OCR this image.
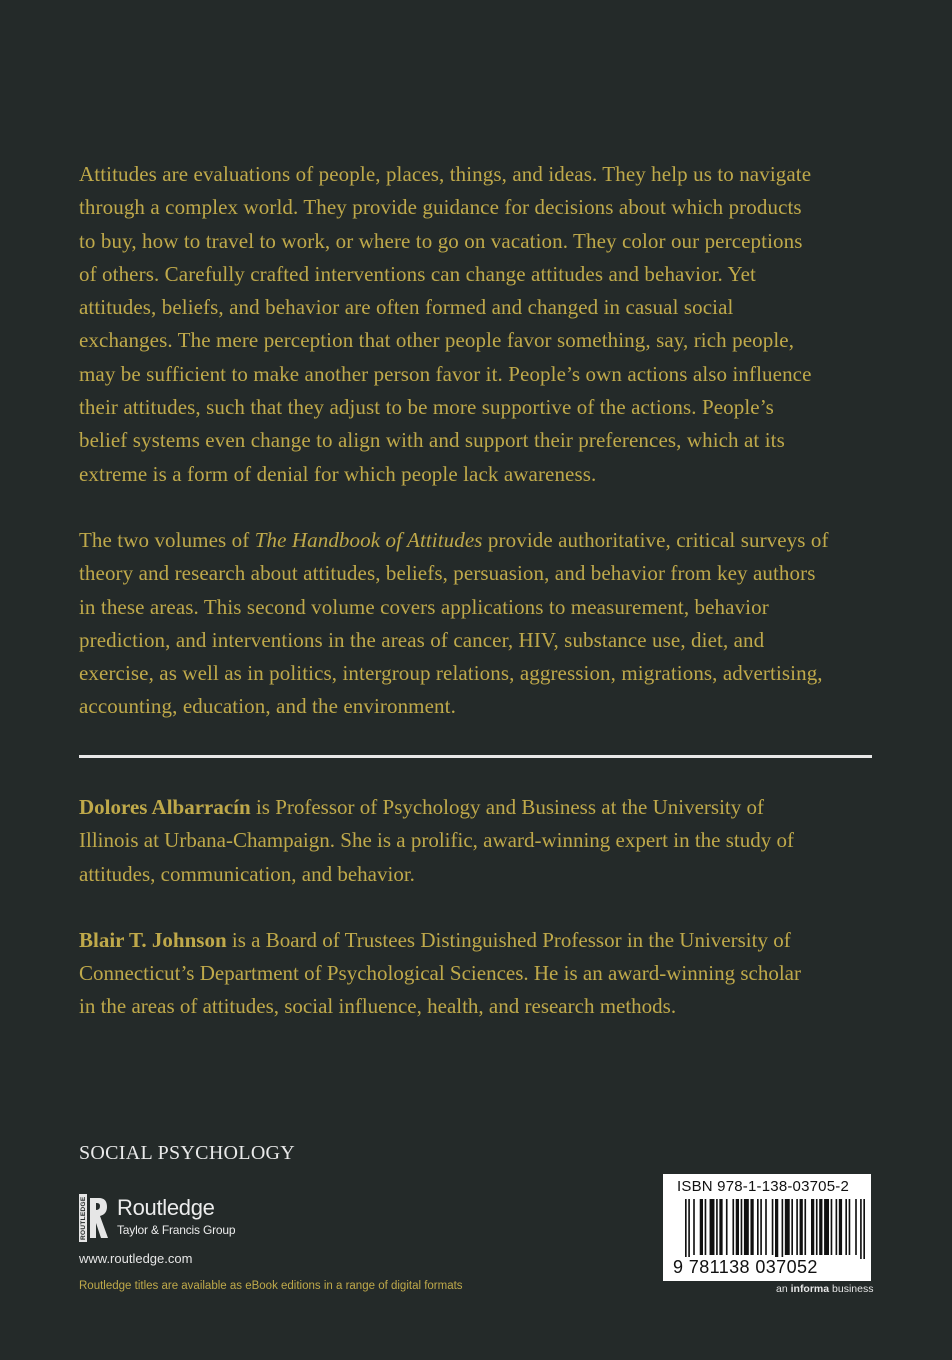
Attitudes are evaluations of people, places, things, and ideas. They help us to navigate

through a complex world. They provide guidance for decisions about which products

to buy, how to travel to work, or where to go on vacation. They color our perceptions

of others. Carefully crafted interventions can change attitudes and behavior. Yet

attitudes, beliefs, and behavior are often formed and changed in casual social

exchanges. The mere perception that other people favor something, say, rich people,

may be sufficient to make another person favor it. People’s own actions also influence

their attitudes, such that they adjust to be more supportive of the actions. People’s

belief systems even change to align with and support their preferences, which at its

extreme is a form of denial for which people lack awareness.

The two volumes of The Handbook of Attitudes provide authoritative, critical surveys of

theory and research about attitudes, beliefs, persuasion, and behavior from key authors

in these areas. This second volume covers applications to measurement, behavior

prediction, and interventions in the areas of cancer, HIV, substance use, diet, and

exercise, as well as in politics, intergroup relations, aggression, migrations, advertising,

accounting, education, and the environment.

Dolores Albarracín is Professor of Psychology and Business at the University of
Illinois at Urbana-Champaign. She is a prolific, award-winning expert in the study of
attitudes, communication, and behavior.
Blair T. Johnson is a Board of Trustees Distinguished Professor in the University of
Connecticut’s Department of Psychological Sciences. He is an award-winning scholar
in the areas of attitudes, social influence, health, and research methods.
SOCIAL PSYCHOLOGY
ROUTLEDGE Routledge
Taylor & Francis Group
www.routledge.com
Routledge titles are available as eBook editions in a range of digital formats
ISBN 978-1-138-03705-2
9 781138 037052
an informa business
